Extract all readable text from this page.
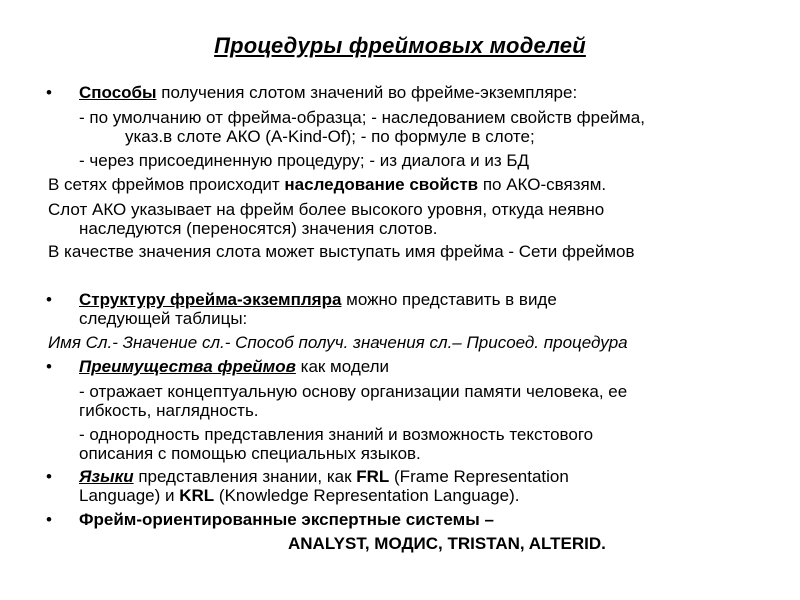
Процедуры фреймовых моделей
• Способы получения слотом значений во фрейме-экземпляре:
- по умолчанию от фрейма-образца; - наследованием свойств фрейма,
указ.в слоте АКО (A-Kind-Of); - по формуле в слоте;
- через присоединенную процедуру; - из диалога и из БД
В сетях фреймов происходит наследование свойств по АКО-связям.
Слот АКО указывает на фрейм более высокого уровня, откуда неявно
наследуются (переносятся) значения слотов.
В качестве значения слота может выступать имя фрейма - Сети фреймов
• Структуру фрейма-экземпляра можно представить в виде
следующей таблицы:
Имя Сл.- Значение сл.- Способ получ. значения сл.– Присоед. процедура
• Преимущества фреймов как модели
- отражает концептуальную основу организации памяти человека, ее
гибкость, наглядность.
- однородность представления знаний и возможность текстового
описания с помощью специальных языков.
• Языки представления знании, как FRL (Frame Representation
Language) и KRL (Knowledge Representation Language).
• Фрейм-ориентированные экспертные системы –
ANALYST, МОДИС, TRISTAN, ALTERID.
